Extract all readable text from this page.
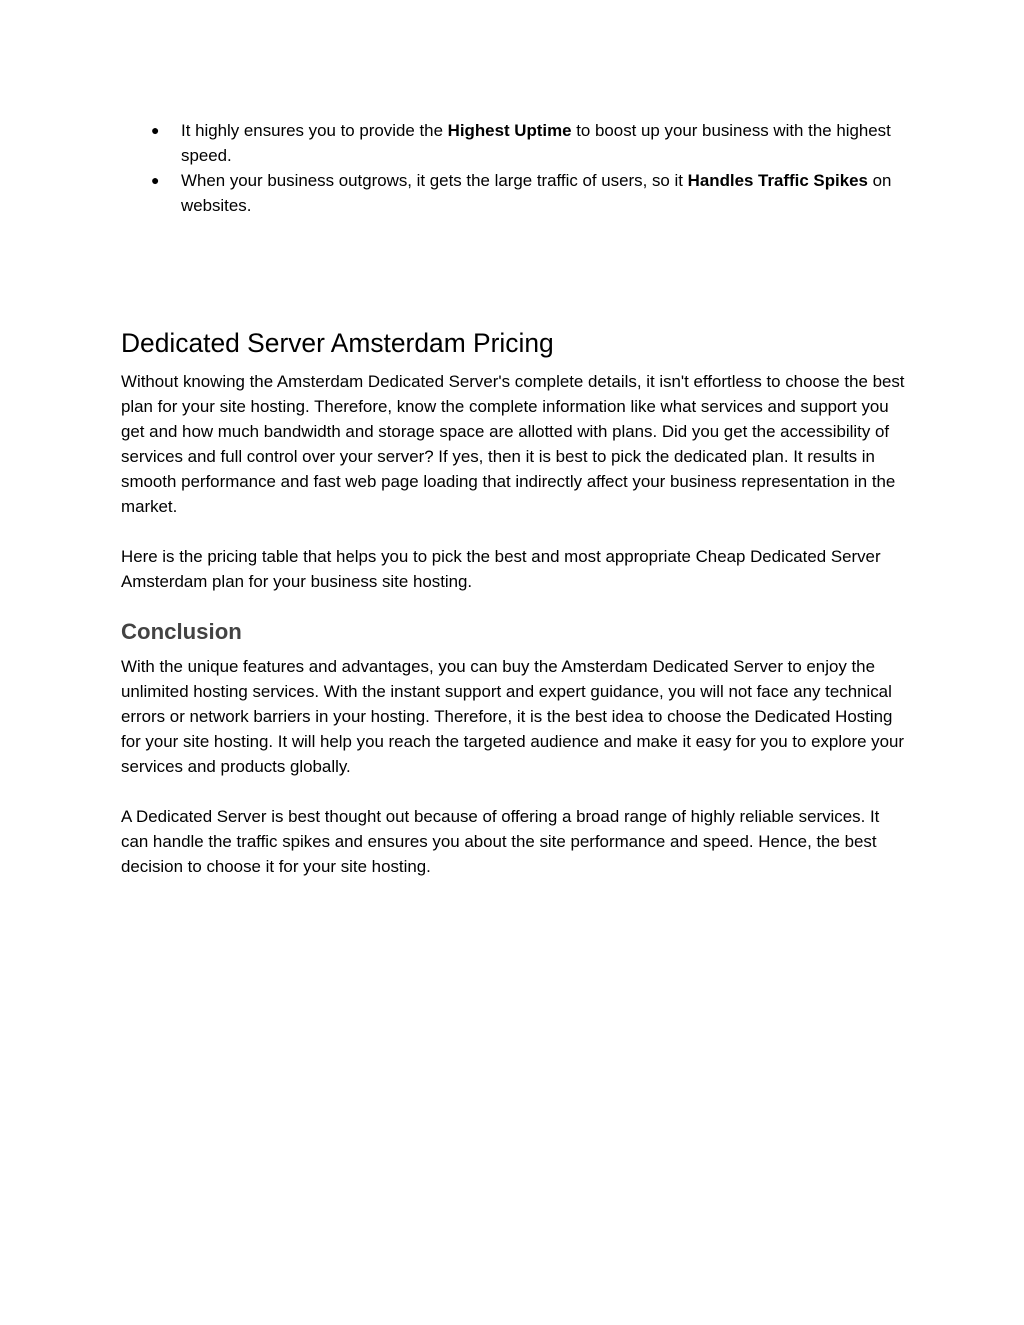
● It highly ensures you to provide the Highest Uptime to boost up your business with the highest speed.
● When your business outgrows, it gets the large traffic of users, so it Handles Traffic Spikes on websites.
Dedicated Server Amsterdam Pricing

Without knowing the Amsterdam Dedicated Server's complete details, it isn't effortless to choose the best plan for your site hosting. Therefore, know the complete information like what services and support you get and how much bandwidth and storage space are allotted with plans. Did you get the accessibility of services and full control over your server? If yes, then it is best to pick the dedicated plan. It results in smooth performance and fast web page loading that indirectly affect your business representation in the market.

Here is the pricing table that helps you to pick the best and most appropriate Cheap Dedicated Server Amsterdam plan for your business site hosting.

Conclusion

With the unique features and advantages, you can buy the Amsterdam Dedicated Server to enjoy the unlimited hosting services. With the instant support and expert guidance, you will not face any technical errors or network barriers in your hosting. Therefore, it is the best idea to choose the Dedicated Hosting for your site hosting. It will help you reach the targeted audience and make it easy for you to explore your services and products globally.

A Dedicated Server is best thought out because of offering a broad range of highly reliable services. It can handle the traffic spikes and ensures you about the site performance and speed. Hence, the best decision to choose it for your site hosting.
